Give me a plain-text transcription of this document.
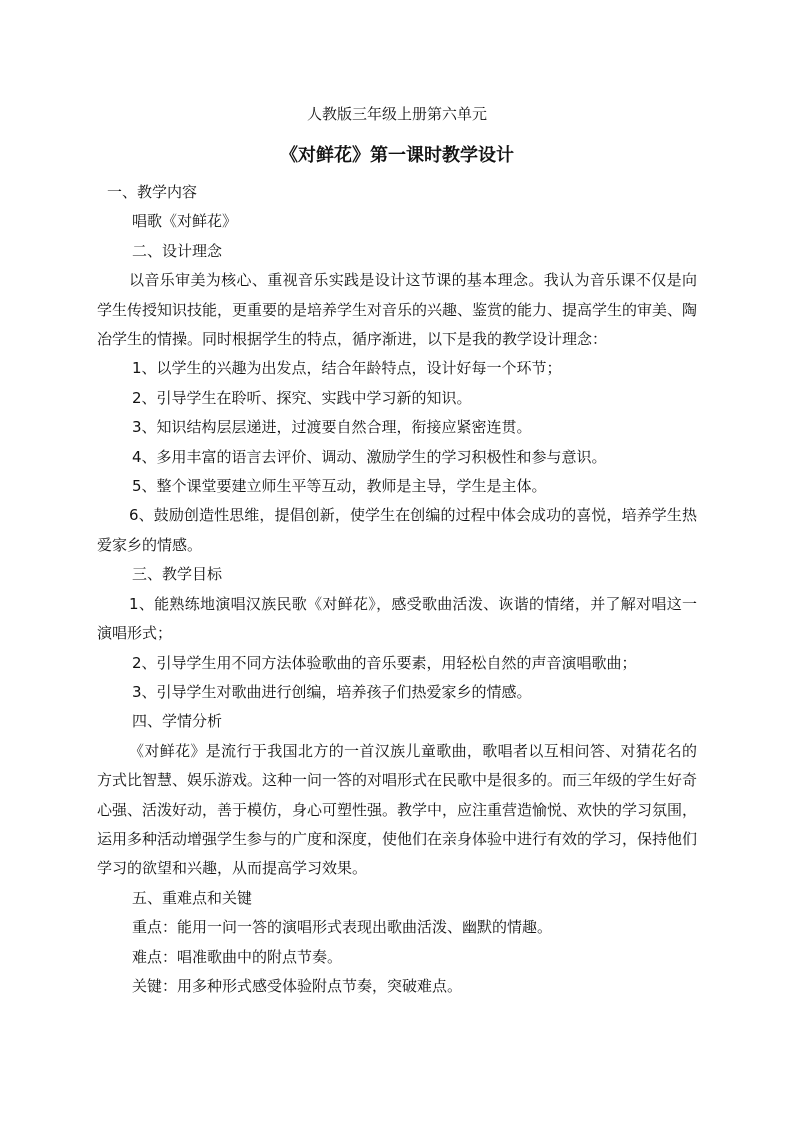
人教版三年级上册第六单元
《对鲜花》第一课时教学设计
一、教学内容
唱歌《对鲜花》
二、设计理念
以音乐审美为核心、重视音乐实践是设计这节课的基本理念。我认为音乐课不仅是向学生传授知识技能，更重要的是培养学生对音乐的兴趣、鉴赏的能力、提高学生的审美、陶冶学生的情操。同时根据学生的特点，循序渐进，以下是我的教学设计理念：
1、以学生的兴趣为出发点，结合年龄特点，设计好每一个环节；
2、引导学生在聆听、探究、实践中学习新的知识。
3、知识结构层层递进，过渡要自然合理，衔接应紧密连贯。
4、多用丰富的语言去评价、调动、激励学生的学习积极性和参与意识。
5、整个课堂要建立师生平等互动，教师是主导，学生是主体。
6、鼓励创造性思维，提倡创新，使学生在创编的过程中体会成功的喜悦，培养学生热爱家乡的情感。
三、教学目标
1、能熟练地演唱汉族民歌《对鲜花》，感受歌曲活泼、诙谐的情绪，并了解对唱这一演唱形式；
2、引导学生用不同方法体验歌曲的音乐要素，用轻松自然的声音演唱歌曲；
3、引导学生对歌曲进行创编，培养孩子们热爱家乡的情感。
四、学情分析
《对鲜花》是流行于我国北方的一首汉族儿童歌曲，歌唱者以互相问答、对猜花名的方式比智慧、娱乐游戏。这种一问一答的对唱形式在民歌中是很多的。而三年级的学生好奇心强、活泼好动，善于模仿，身心可塑性强。教学中，应注重营造愉悦、欢快的学习氛围，运用多种活动增强学生参与的广度和深度，使他们在亲身体验中进行有效的学习，保持他们学习的欲望和兴趣，从而提高学习效果。
五、重难点和关键
重点：能用一问一答的演唱形式表现出歌曲活泼、幽默的情趣。
难点：唱准歌曲中的附点节奏。
关键：用多种形式感受体验附点节奏，突破难点。
